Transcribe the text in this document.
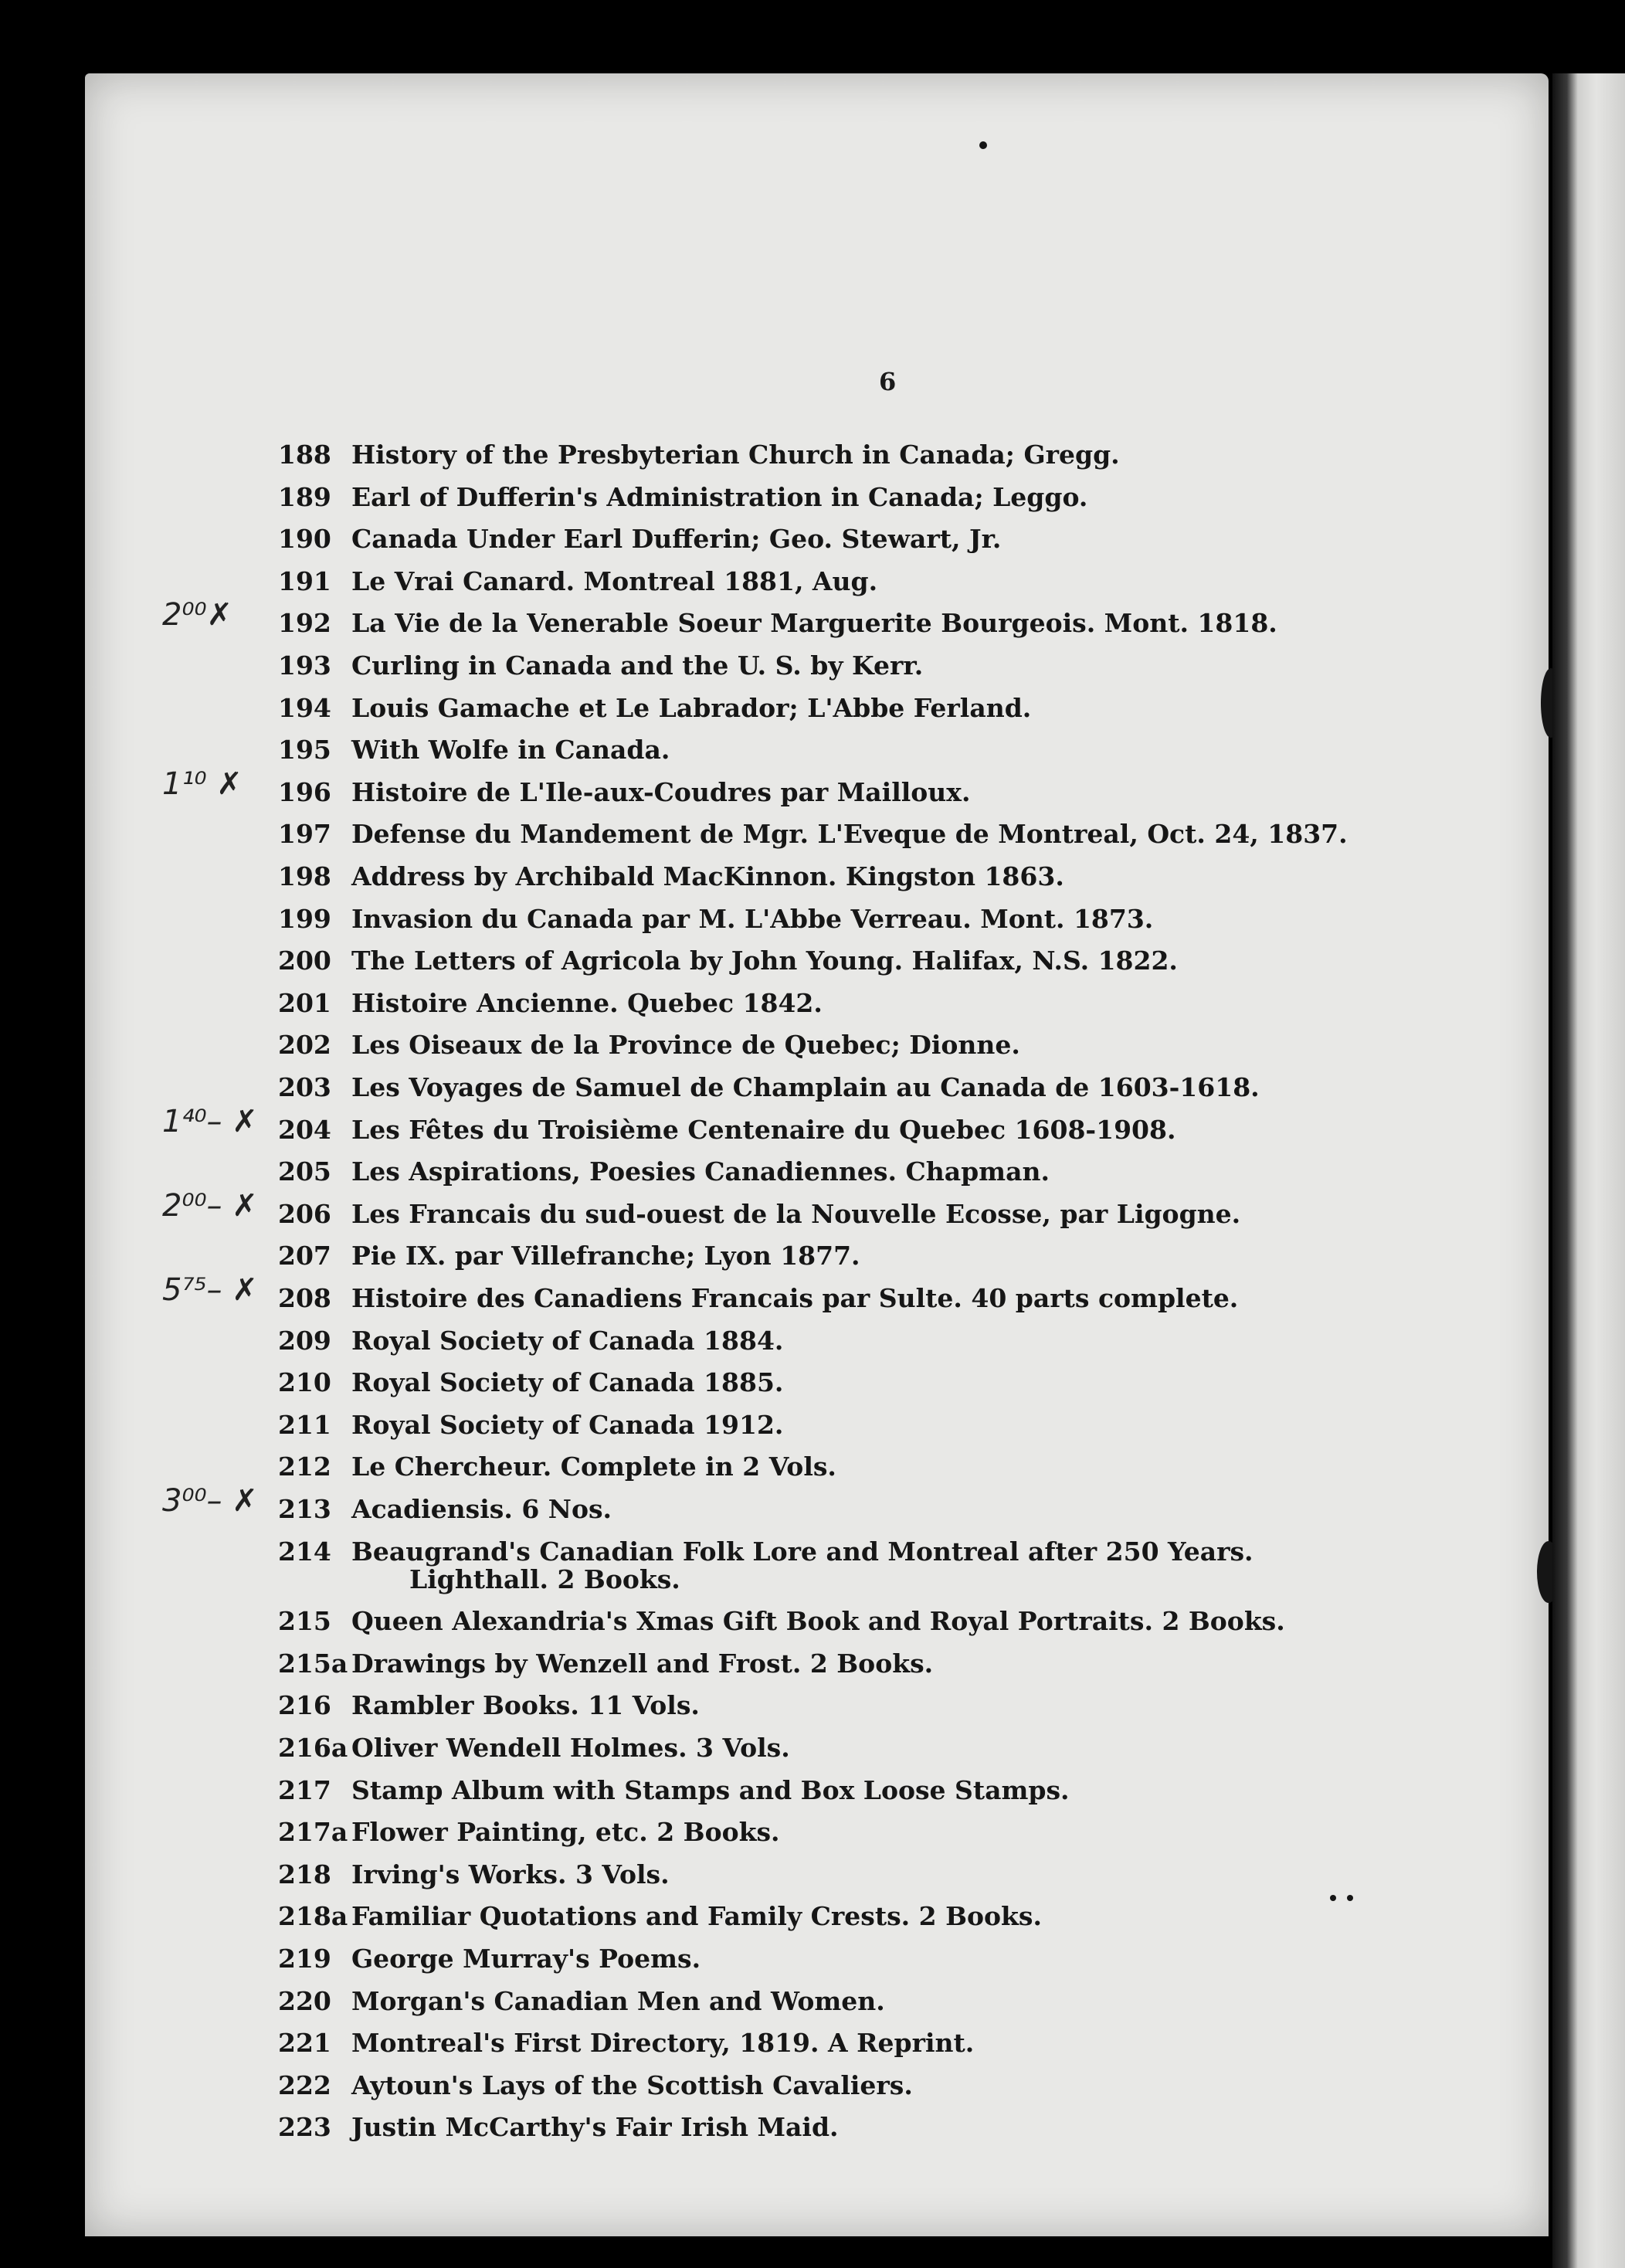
6
188 History of the Presbyterian Church in Canada; Gregg.
189 Earl of Dufferin's Administration in Canada; Leggo.
190 Canada Under Earl Dufferin; Geo. Stewart, Jr.
191 Le Vrai Canard. Montreal 1881, Aug.
192 La Vie de la Venerable Soeur Marguerite Bourgeois. Mont. 1818.
193 Curling in Canada and the U. S. by Kerr.
194 Louis Gamache et Le Labrador; L'Abbe Ferland.
195 With Wolfe in Canada.
196 Histoire de L'Ile-aux-Coudres par Mailloux.
197 Defense du Mandement de Mgr. L'Eveque de Montreal, Oct. 24, 1837.
198 Address by Archibald MacKinnon. Kingston 1863.
199 Invasion du Canada par M. L'Abbe Verreau. Mont. 1873.
200 The Letters of Agricola by John Young. Halifax, N.S. 1822.
201 Histoire Ancienne. Quebec 1842.
202 Les Oiseaux de la Province de Quebec; Dionne.
203 Les Voyages de Samuel de Champlain au Canada de 1603-1618.
204 Les Fêtes du Troisième Centenaire du Quebec 1608-1908.
205 Les Aspirations, Poesies Canadiennes. Chapman.
206 Les Francais du sud-ouest de la Nouvelle Ecosse, par Ligogne.
207 Pie IX. par Villefranche; Lyon 1877.
208 Histoire des Canadiens Francais par Sulte. 40 parts complete.
209 Royal Society of Canada 1884.
210 Royal Society of Canada 1885.
211 Royal Society of Canada 1912.
212 Le Chercheur. Complete in 2 Vols.
213 Acadiensis. 6 Nos.
214 Beaugrand's Canadian Folk Lore and Montreal after 250 Years.
Lighthall. 2 Books.
215 Queen Alexandria's Xmas Gift Book and Royal Portraits. 2 Books.
215a Drawings by Wenzell and Frost. 2 Books.
216 Rambler Books. 11 Vols.
216a Oliver Wendell Holmes. 3 Vols.
217 Stamp Album with Stamps and Box Loose Stamps.
217a Flower Painting, etc. 2 Books.
218 Irving's Works. 3 Vols.
218a Familiar Quotations and Family Crests. 2 Books.
219 George Murray's Poems.
220 Morgan's Canadian Men and Women.
221 Montreal's First Directory, 1819. A Reprint.
222 Aytoun's Lays of the Scottish Cavaliers.
223 Justin McCarthy's Fair Irish Maid.
2⁰⁰✗
1¹⁰ ✗
1⁴⁰– ✗
2⁰⁰– ✗
5⁷⁵– ✗
3⁰⁰– ✗
